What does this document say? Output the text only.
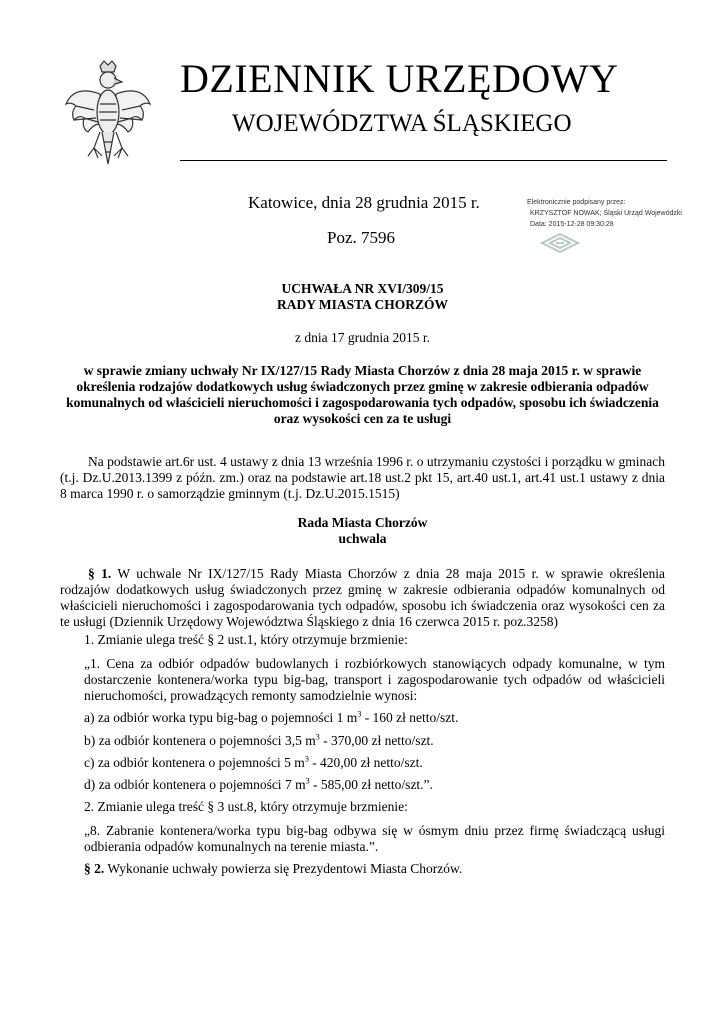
DZIENNIK URZĘDOWY
WOJEWÓDZTWA ŚLĄSKIEGO
Katowice, dnia 28 grudnia 2015 r.
Poz. 7596
Elektronicznie podpisany przez:
KRZYSZTOF NOWAK; Śląski Urząd Wojewódzki
Data: 2015-12-28 09:30:28
UCHWAŁA NR XVI/309/15
RADY MIASTA CHORZÓW
z dnia 17 grudnia 2015 r.
w sprawie zmiany uchwały Nr IX/127/15 Rady Miasta Chorzów z dnia 28 maja 2015 r. w sprawie określenia rodzajów dodatkowych usług świadczonych przez gminę w zakresie odbierania odpadów komunalnych od właścicieli nieruchomości i zagospodarowania tych odpadów, sposobu ich świadczenia oraz wysokości cen za te usługi
Na podstawie art.6r ust. 4 ustawy z dnia 13 września 1996 r. o utrzymaniu czystości i porządku w gminach (t.j. Dz.U.2013.1399 z późn. zm.) oraz na podstawie art.18 ust.2 pkt 15, art.40 ust.1, art.41 ust.1 ustawy z dnia 8 marca 1990 r. o samorządzie gminnym (t.j. Dz.U.2015.1515)
Rada Miasta Chorzów
uchwala
§ 1. W uchwale Nr IX/127/15 Rady Miasta Chorzów z dnia 28 maja 2015 r. w sprawie określenia rodzajów dodatkowych usług świadczonych przez gminę w zakresie odbierania odpadów komunalnych od właścicieli nieruchomości i zagospodarowania tych odpadów, sposobu ich świadczenia oraz wysokości cen za te usługi (Dziennik Urzędowy Województwa Śląskiego z dnia 16 czerwca 2015 r. poz.3258)
1. Zmianie ulega treść § 2 ust.1, który otrzymuje brzmienie:
„1. Cena za odbiór odpadów budowlanych i rozbiórkowych stanowiących odpady komunalne, w tym dostarczenie kontenera/worka typu big-bag, transport i zagospodarowanie tych odpadów od właścicieli nieruchomości, prowadzących remonty samodzielnie wynosi:
a) za odbiór worka typu big-bag o pojemności 1 $m^3 - 160$ zł netto/szt.
b) za odbiór kontenera o pojemności 3,5 $m^3 - 370,00$ zł netto/szt.
c) za odbiór kontenera o pojemności 5 $m^3 - 420,00$ zł netto/szt.
d) za odbiór kontenera o pojemności 7 $m^3 - 585,00$ zł netto/szt.”.
2. Zmianie ulega treść § 3 ust.8, który otrzymuje brzmienie:
„8. Zabranie kontenera/worka typu big-bag odbywa się w ósmym dniu przez firmę świadczącą usługi odbierania odpadów komunalnych na terenie miasta.”.
§ 2. Wykonanie uchwały powierza się Prezydentowi Miasta Chorzów.
